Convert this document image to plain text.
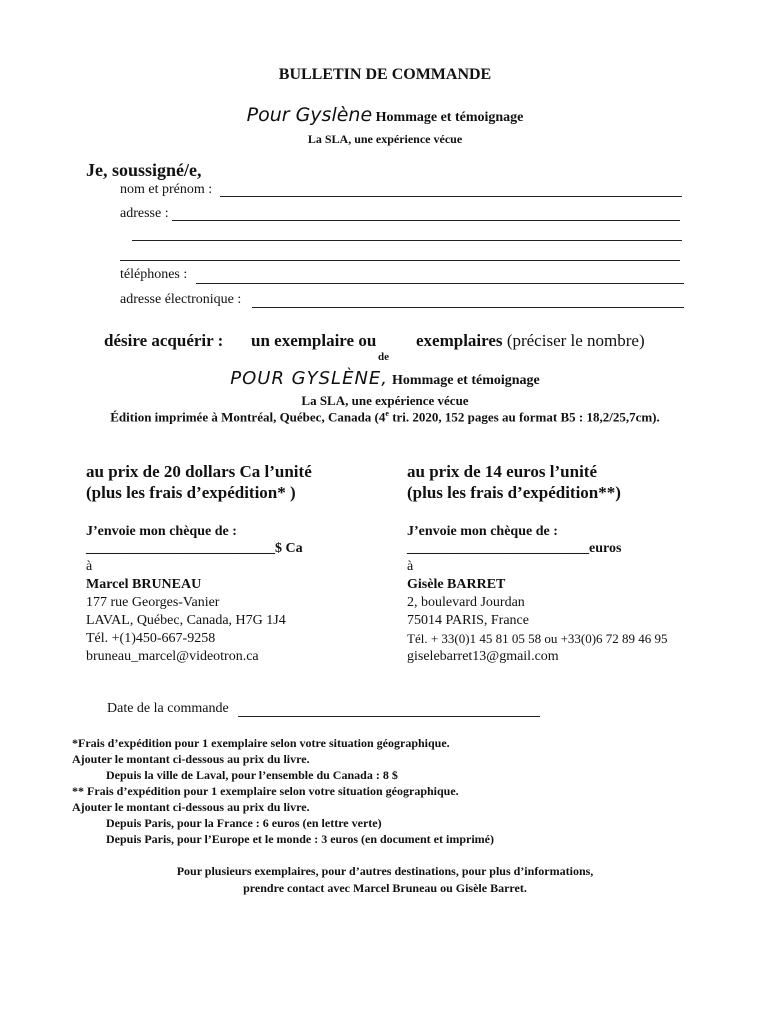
BULLETIN DE COMMANDE
Pour Gyslène Hommage et témoignage
La SLA, une expérience vécue
Je, soussigné/e,
nom et prénom :
adresse :
téléphones :
adresse électronique :
désire acquérir : un exemplaire ou exemplaires (préciser le nombre)
de
POUR GYSLÈNE, Hommage et témoignage
La SLA, une expérience vécue
Édition imprimée à Montréal, Québec, Canada (4e tri. 2020, 152 pages au format B5 : 18,2/25,7cm).
au prix de 20 dollars Ca l’unité
(plus les frais d’expédition* )
J’envoie mon chèque de :
___________________________$ Ca
à
Marcel BRUNEAU
177 rue Georges-Vanier
LAVAL, Québec, Canada, H7G 1J4
Tél. +(1)450-667-9258
bruneau_marcel@videotron.ca
au prix de 14 euros l’unité
(plus les frais d’expédition**)
J’envoie mon chèque de :
__________________________euros
à
Gisèle BARRET
2, boulevard Jourdan
75014 PARIS, France
Tél. + 33(0)1 45 81 05 58 ou +33(0)6 72 89 46 95
giselebarret13@gmail.com
Date de la commande
*Frais d’expédition pour 1 exemplaire selon votre situation géographique.
Ajouter le montant ci-dessous au prix du livre.
Depuis la ville de Laval, pour l’ensemble du Canada : 8 $
** Frais d’expédition pour 1 exemplaire selon votre situation géographique.
Ajouter le montant ci-dessous au prix du livre.
Depuis Paris, pour la France : 6 euros (en lettre verte)
Depuis Paris, pour l’Europe et le monde : 3 euros (en document et imprimé)
Pour plusieurs exemplaires, pour d’autres destinations, pour plus d’informations,
prendre contact avec Marcel Bruneau ou Gisèle Barret.
